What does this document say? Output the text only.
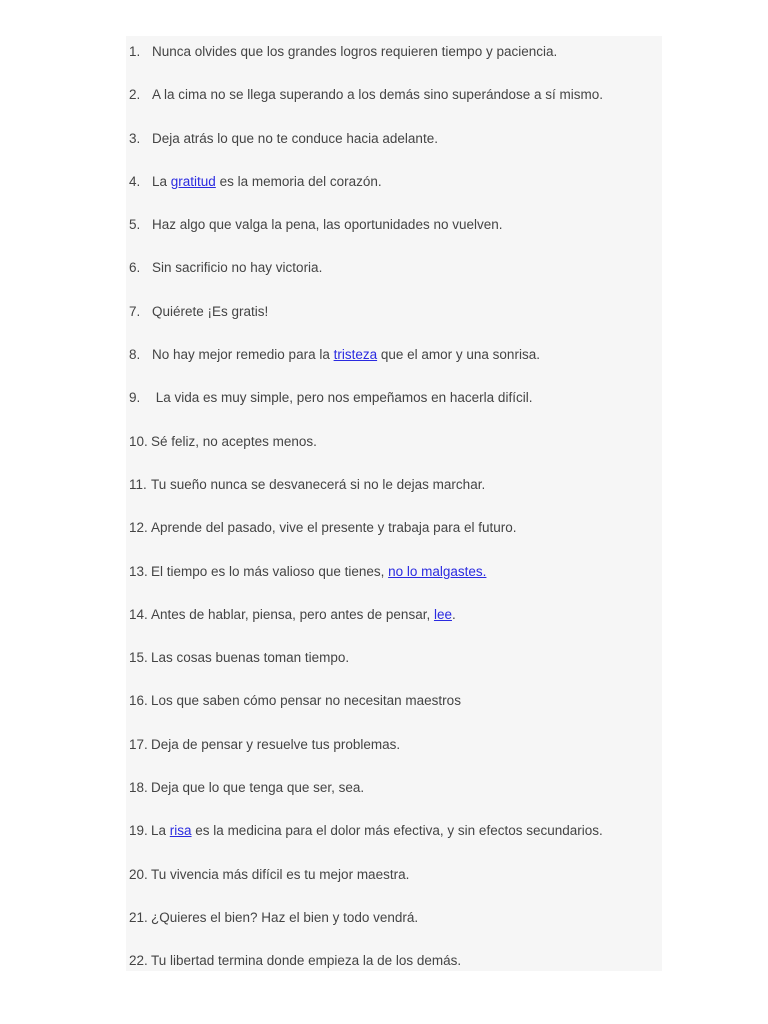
1. Nunca olvides que los grandes logros requieren tiempo y paciencia.
2. A la cima no se llega superando a los demás sino superándose a sí mismo.
3. Deja atrás lo que no te conduce hacia adelante.
4. La gratitud es la memoria del corazón.
5. Haz algo que valga la pena, las oportunidades no vuelven.
6. Sin sacrificio no hay victoria.
7. Quiérete ¡Es gratis!
8. No hay mejor remedio para la tristeza que el amor y una sonrisa.
9. La vida es muy simple, pero nos empeñamos en hacerla difícil.
10. Sé feliz, no aceptes menos.
11. Tu sueño nunca se desvanecerá si no le dejas marchar.
12. Aprende del pasado, vive el presente y trabaja para el futuro.
13. El tiempo es lo más valioso que tienes, no lo malgastes.
14. Antes de hablar, piensa, pero antes de pensar, lee.
15. Las cosas buenas toman tiempo.
16. Los que saben cómo pensar no necesitan maestros
17. Deja de pensar y resuelve tus problemas.
18. Deja que lo que tenga que ser, sea.
19. La risa es la medicina para el dolor más efectiva, y sin efectos secundarios.
20. Tu vivencia más difícil es tu mejor maestra.
21. ¿Quieres el bien? Haz el bien y todo vendrá.
22. Tu libertad termina donde empieza la de los demás.
